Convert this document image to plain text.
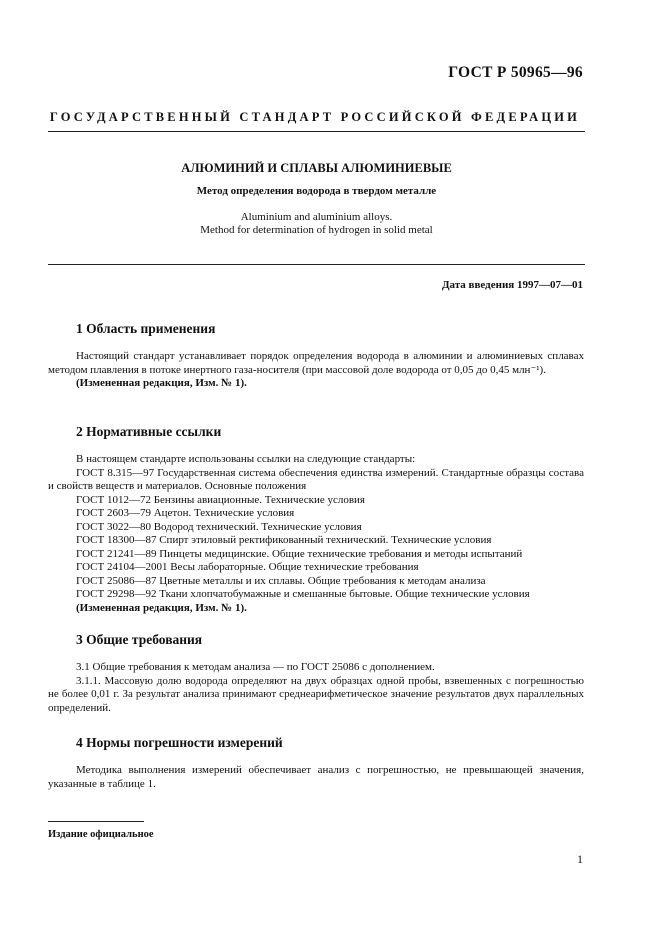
ГОСТ Р 50965—96
ГОСУДАРСТВЕННЫЙ СТАНДАРТ РОССИЙСКОЙ ФЕДЕРАЦИИ
АЛЮМИНИЙ И СПЛАВЫ АЛЮМИНИЕВЫЕ
Метод определения водорода в твердом металле
Aluminium and aluminium alloys.
Method for determination of hydrogen in solid metal
Дата введения 1997—07—01
1 Область применения

Настоящий стандарт устанавливает порядок определения водорода в алюминии и алюминиевых сплавах методом плавления в потоке инертного газа-носителя (при массовой доле водорода от 0,05 до 0,45 млн⁻¹).

(Измененная редакция, Изм. № 1).

2 Нормативные ссылки

В настоящем стандарте использованы ссылки на следующие стандарты:

ГОСТ 8.315—97 Государственная система обеспечения единства измерений. Стандартные образцы состава и свойств веществ и материалов. Основные положения

ГОСТ 1012—72 Бензины авиационные. Технические условия

ГОСТ 2603—79 Ацетон. Технические условия

ГОСТ 3022—80 Водород технический. Технические условия

ГОСТ 18300—87 Спирт этиловый ректификованный технический. Технические условия

ГОСТ 21241—89 Пинцеты медицинские. Общие технические требования и методы испытаний

ГОСТ 24104—2001 Весы лабораторные. Общие технические требования

ГОСТ 25086—87 Цветные металлы и их сплавы. Общие требования к методам анализа

ГОСТ 29298—92 Ткани хлопчатобумажные и смешанные бытовые. Общие технические условия

(Измененная редакция, Изм. № 1).

3 Общие требования

3.1 Общие требования к методам анализа — по ГОСТ 25086 с дополнением.

3.1.1. Массовую долю водорода определяют на двух образцах одной пробы, взвешенных с погрешностью не более 0,01 г. За результат анализа принимают среднеарифметическое значение результатов двух параллельных определений.

4 Нормы погрешности измерений

Методика выполнения измерений обеспечивает анализ с погрешностью, не превышающей значения, указанные в таблице 1.

Издание официальное
1
